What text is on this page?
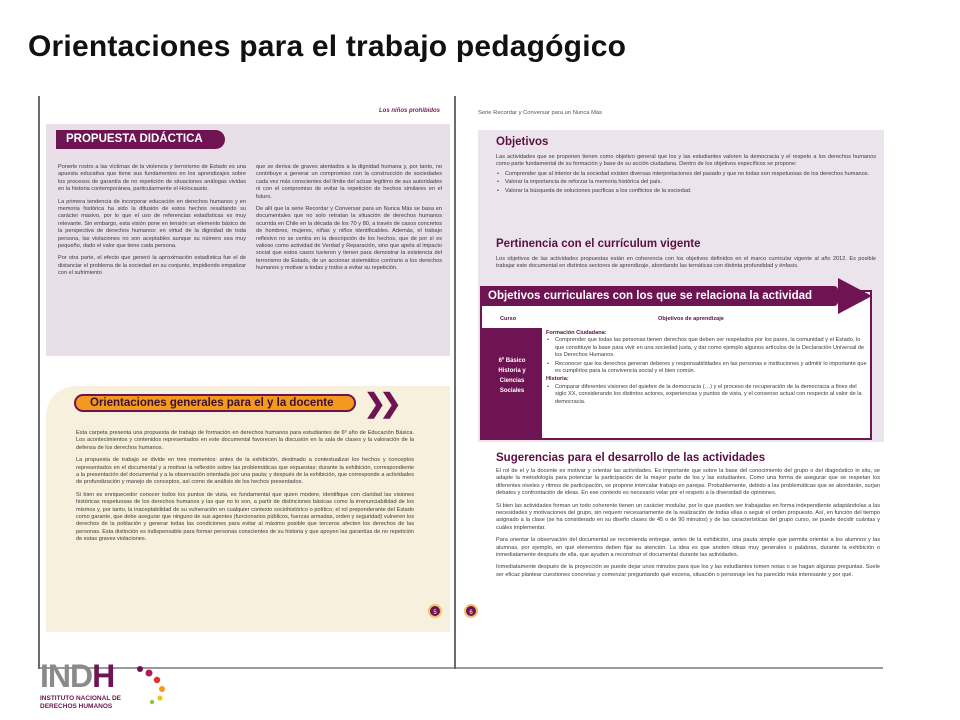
Orientaciones para el trabajo pedagógico
Los niños prohibidos
PROPUESTA DIDÁCTICA

Ponerle rostro a las víctimas de la violencia y terrorismo de Estado es una apuesta educativa que tiene sus fundamentos en los aprendizajes sobre los procesos de garantía de no repetición de situaciones análogas vividas en la historia contemporánea, particularmente el Holocausto.

La primera tendencia de incorporar educación en derechos humanos y en memoria histórica ha sido la difusión de estos hechos resaltando su carácter masivo, por lo que el uso de referencias estadísticas es muy relevante. Sin embargo, esta visión pone en tensión un elemento básico de la perspectiva de derechos humanos: en virtud de la dignidad de toda persona, las violaciones no son aceptables aunque su número sea muy pequeño, dado el valor que tiene cada persona.

Por otra parte, el efecto que generó la aproximación estadística fue el de distanciar el problema de la sociedad en su conjunto, impidiendo empatizar con el sufrimiento

que se deriva de graves atentados a la dignidad humana y, por tanto, no contribuye a generar un compromiso con la construcción de sociedades cada vez más conscientes del límite del actuar legítimo de sus autoridades ni con el compromiso de evitar la repetición de hechos similares en el futuro.

De allí que la serie Recordar y Conversar para un Nunca Más se basa en documentales que no solo retratan la situación de derechos humanos ocurrida en Chile en la década de los 70 y 80, a través de casos concretos de hombres, mujeres, niñas y niños identificables. Además, el trabajo reflexivo no se centra en la descripción de los hechos, que de por sí es valioso como actividad de Verdad y Reparación, sino que apela al impacto social que estos casos tuvieron y tienen para demostrar la existencia del terrorismo de Estado, de un accionar sistemático contrario a los derechos humanos y motivar a todas y todos a evitar su repetición.

Orientaciones generales para el y la docente	❯❯

Esta carpeta presenta una propuesta de trabajo de formación en derechos humanos para estudiantes de 6º año de Educación Básica. Los acontecimientos y contenidos representados en este documental favorecen la discusión en la sala de clases y la valoración de la defensa de los derechos humanos.

La propuesta de trabajo se divide en tres momentos: antes de la exhibición, destinado a contextualizar los hechos y conceptos representados en el documental y a motivar la reflexión sobre las problemáticas que expuestas; durante la exhibición, correspondiente a la presentación del documental y a la observación orientada por una pauta; y después de la exhibición, que corresponde a actividades de profundización y manejo de conceptos, así como de análisis de los hechos presentados.

Si bien es enriquecedor conocer todos los puntos de vista, es fundamental que quien modere, identifique con claridad las visiones históricas respetuosas de los derechos humanos y las que no lo son, a partir de distinciones básicas como la irrenunciabilidad de los mismos y, por tanto, la inaceptabilidad de su vulneración en cualquier contexto sociohistórico o político; el rol preponderante del Estado como garante, que debe asegurar que ninguno de sus agentes (funcionarios públicos, fuerzas armadas, orden y seguridad) vulneren los derechos de la población y generar todas las condiciones para evitar al máximo posible que terceros afecten los derechos de las personas. Esta distinción es indispensable para formar personas conscientes de su historia y que apoyen las garantías de no repetición de estas graves violaciones.

5
Serie Recordar y Conversar para un Nunca Más
Objetivos

Las actividades que se proponen tienen como objetivo general que los y las estudiantes valoren la democracia y el respeto a los derechos humanos como parte fundamental de su formación y base de su acción ciudadana. Dentro de los objetivos específicos se propone:

• Comprender que al interior de la sociedad existen diversas interpretaciones del pasado y que no todas son respetuosas de los derechos humanos.
• Valorar la importancia de reforzar la memoria histórica del país.
• Valorar la búsqueda de soluciones pacíficas a los conflictos de la sociedad.
Pertinencia con el currículum vigente

Los objetivos de las actividades propuestas están en coherencia con los objetivos definidos en el marco curricular vigente al año 2012. Es posible trabajar este documental en distintos sectores de aprendizaje, abordando las temáticas con distinta profundidad y énfasis.

Objetivos curriculares con los que se relaciona la actividad
Curso	Objetivos de aprendizaje
6º Básico
Historia y
Ciencias
Sociales
Formación Ciudadana:
• Comprender que todas las personas tienen derechos que deben ser respetados por los pares, la comunidad y el Estado, lo que constituye la base para vivir en una sociedad justa, y dar como ejemplo algunos artículos de la Declaración Universal de los Derechos Humanos.
• Reconocer que los derechos generan deberes y responsabilidades en las personas e instituciones y admitir lo importante que es cumplirlos para la convivencia social y el bien común.
Historia:
• Comparar diferentes visiones del quiebre de la democracia (…) y el proceso de recuperación de la democracia a fines del siglo XX, considerando los distintos actores, experiencias y puntos de vista, y el consenso actual con respecto al valor de la democracia.
Sugerencias para el desarrollo de las actividades

El rol de el y la docente es motivar y orientar las actividades. Es importante que sobre la base del conocimiento del grupo o del diagnóstico in situ, se adapte la metodología para potenciar la participación de la mayor parte de los y las estudiantes. Como una forma de asegurar que se respetan los diferentes niveles y ritmos de participación, se propone intercalar trabajo en parejas. Probablemente, debido a las problemáticas que se abordarán, surjan debates y confrontación de ideas. En ese contexto es necesario velar por el respeto a la diversidad de opiniones.

Si bien las actividades forman un todo coherente tienen un carácter modular, por lo que pueden ser trabajadas en forma independiente adaptándolas a las necesidades y motivaciones del grupo, sin requerir necesariamente de la realización de todas ellas o seguir el orden propuesto. Así, en función del tiempo asignado a la clase (se ha considerado en su diseño clases de 45 o de 90 minutos) y de las características del grupo curso, se puede decidir cuántas y cuáles implementar.

Para orientar la observación del documental se recomienda entregar, antes de la exhibición, una pauta simple que permita orientar a los alumnos y las alumnas, por ejemplo, en qué elementos deben fijar su atención. La idea es que anoten ideas muy generales o palabras, durante la exhibición o inmediatamente después de ella, que ayuden a reconstruir el documental durante las actividades.

Inmediatamente después de la proyección se puede dejar unos minutos para que los y las estudiantes tomen notas o se hagan algunas preguntas. Suele ser eficaz plantear cuestiones concretas y comenzar preguntando qué escena, situación o personaje les ha parecido más interesante y por qué.

6
INDH
INSTITUTO NACIONAL DE
DERECHOS HUMANOS
